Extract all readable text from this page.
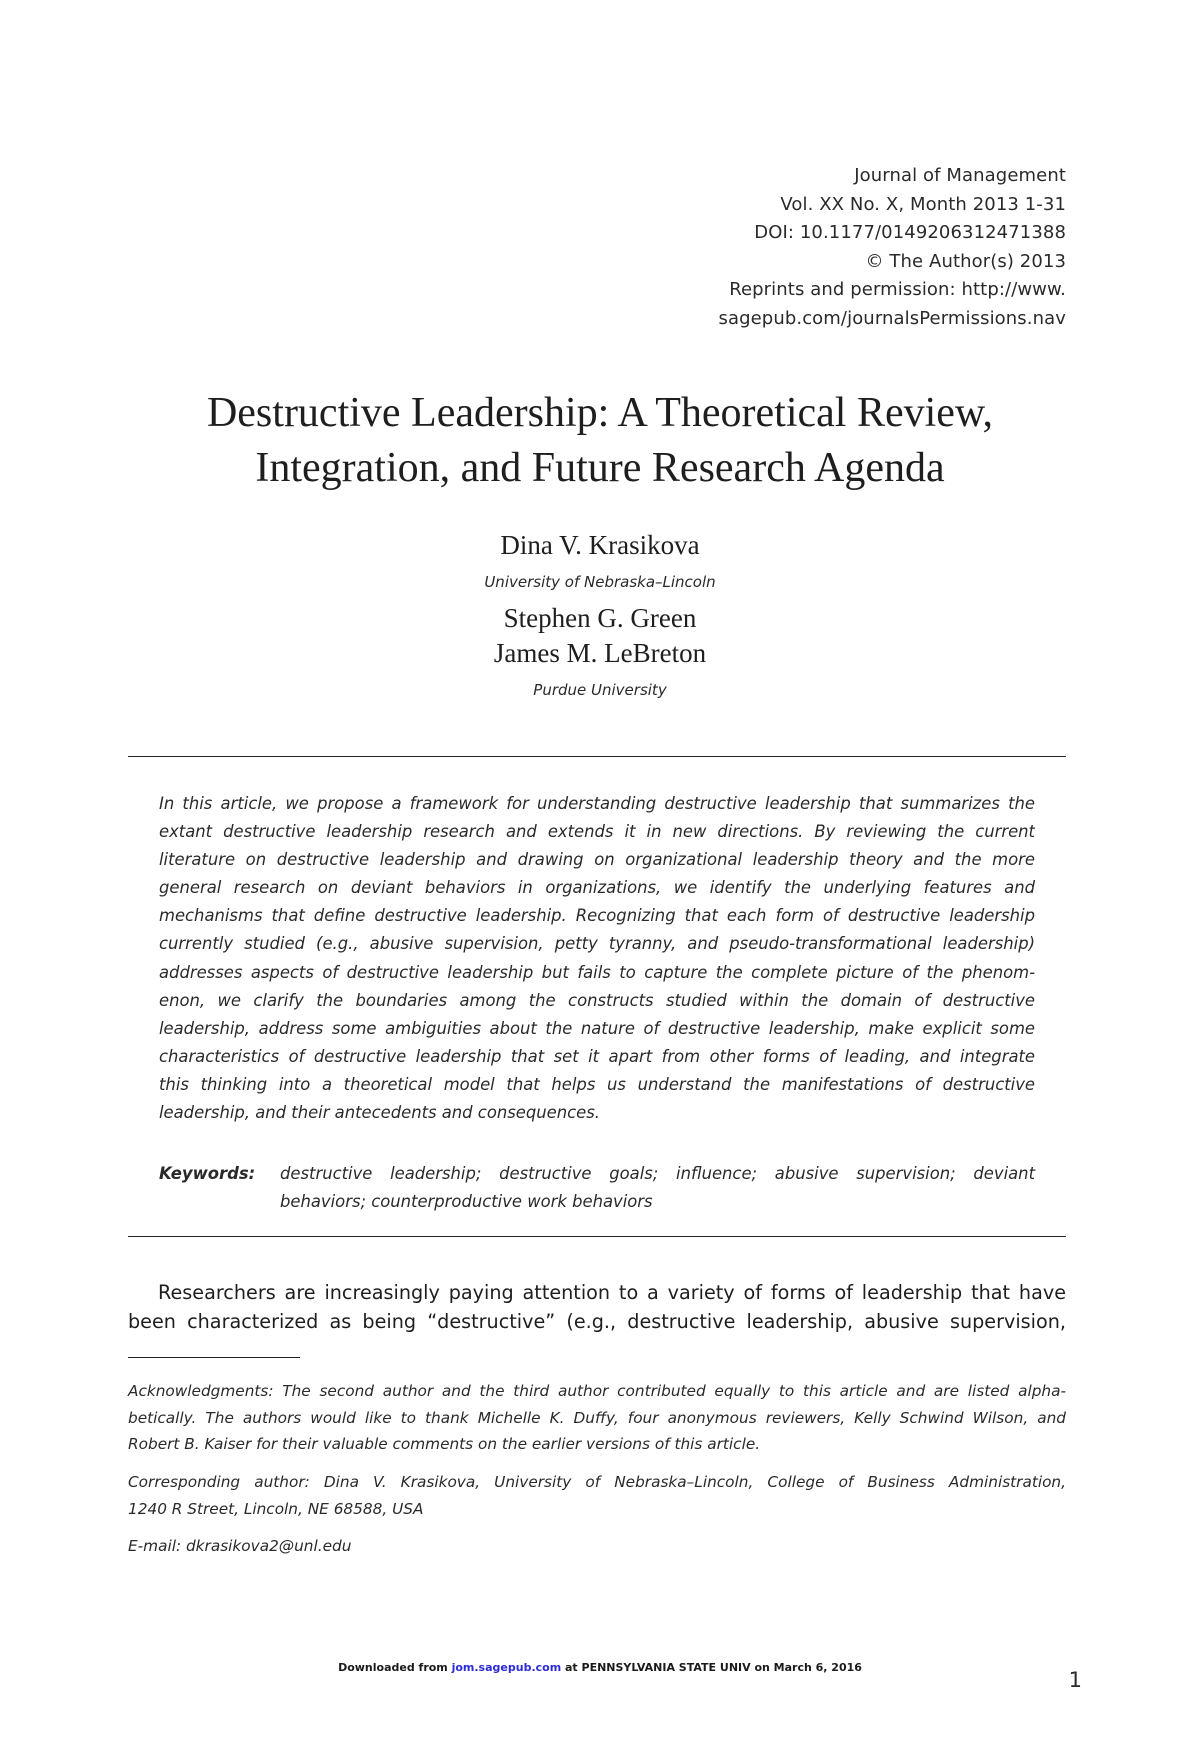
Journal of Management
Vol. XX No. X, Month 2013 1-31
DOI: 10.1177/0149206312471388
© The Author(s) 2013
Reprints and permission: http://www.
sagepub.com/journalsPermissions.nav
Destructive Leadership: A Theoretical Review,
Integration, and Future Research Agenda
Dina V. Krasikova
University of Nebraska–Lincoln
Stephen G. Green
James M. LeBreton
Purdue University
In this article, we propose a framework for understanding destructive leadership that summarizes the
extant destructive leadership research and extends it in new directions. By reviewing the current
literature on destructive leadership and drawing on organizational leadership theory and the more
general research on deviant behaviors in organizations, we identify the underlying features and
mechanisms that define destructive leadership. Recognizing that each form of destructive leadership
currently studied (e.g., abusive supervision, petty tyranny, and pseudo-transformational leadership)
addresses aspects of destructive leadership but fails to capture the complete picture of the phenom-
enon, we clarify the boundaries among the constructs studied within the domain of destructive
leadership, address some ambiguities about the nature of destructive leadership, make explicit some
characteristics of destructive leadership that set it apart from other forms of leading, and integrate
this thinking into a theoretical model that helps us understand the manifestations of destructive
leadership, and their antecedents and consequences.
Keywords: destructive leadership; destructive goals; influence; abusive supervision; deviant
behaviors; counterproductive work behaviors
Researchers are increasingly paying attention to a variety of forms of leadership that have
been characterized as being “destructive” (e.g., destructive leadership, abusive supervision,
Acknowledgments: The second author and the third author contributed equally to this article and are listed alpha-
betically. The authors would like to thank Michelle K. Duffy, four anonymous reviewers, Kelly Schwind Wilson, and
Robert B. Kaiser for their valuable comments on the earlier versions of this article.
Corresponding author: Dina V. Krasikova, University of Nebraska–Lincoln, College of Business Administration,
1240 R Street, Lincoln, NE 68588, USA
E-mail: dkrasikova2@unl.edu
Downloaded from jom.sagepub.com at PENNSYLVANIA STATE UNIV on March 6, 2016
1
